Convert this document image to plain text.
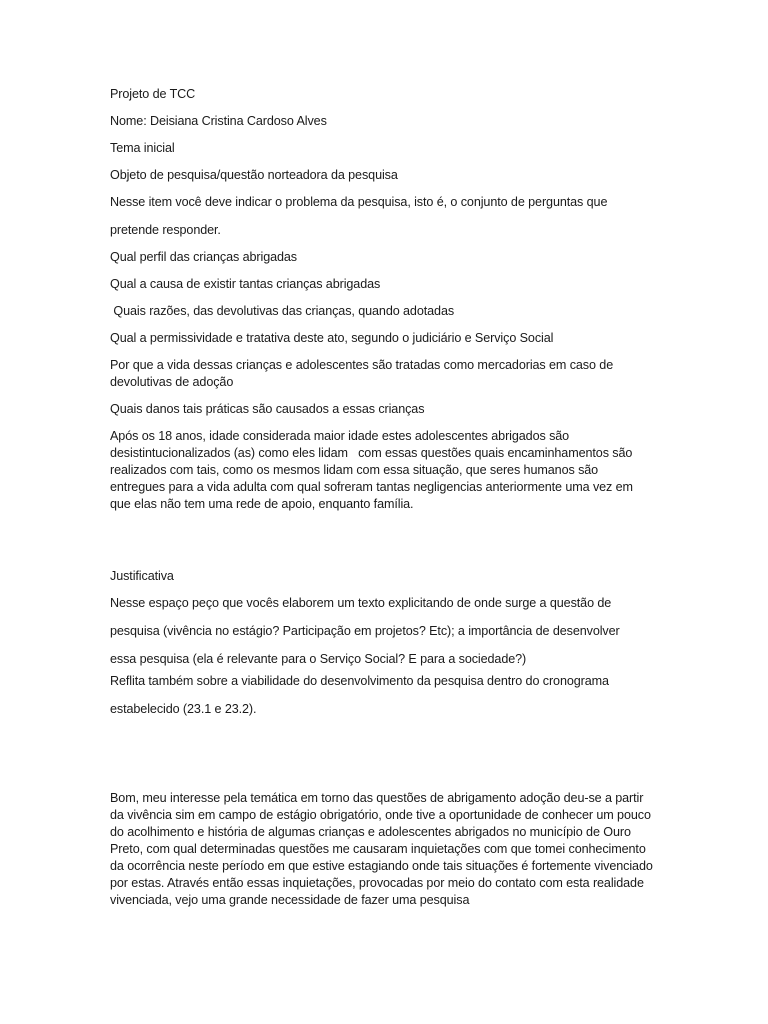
Projeto de TCC

Nome: Deisiana Cristina Cardoso Alves

Tema inicial

Objeto de pesquisa/questão norteadora da pesquisa

Nesse item você deve indicar o problema da pesquisa, isto é, o conjunto de perguntas que

pretende responder.

Qual perfil das crianças abrigadas

Qual a causa de existir tantas crianças abrigadas

Quais razões, das devolutivas das crianças, quando adotadas

Qual a permissividade e tratativa deste ato, segundo o judiciário e Serviço Social

Por que a vida dessas crianças e adolescentes são tratadas como mercadorias em caso de devolutivas de adoção

Quais danos tais práticas são causados a essas crianças

Após os 18 anos, idade considerada maior idade estes adolescentes abrigados são desistintucionalizados (as) como eles lidam   com essas questões quais encaminhamentos são realizados com tais, como os mesmos lidam com essa situação, que seres humanos são entregues para a vida adulta com qual sofreram tantas negligencias anteriormente uma vez em que elas não tem uma rede de apoio, enquanto família.

Justificativa

Nesse espaço peço que vocês elaborem um texto explicitando de onde surge a questão de

pesquisa (vivência no estágio? Participação em projetos? Etc); a importância de desenvolver

essa pesquisa (ela é relevante para o Serviço Social? E para a sociedade?)

Reflita também sobre a viabilidade do desenvolvimento da pesquisa dentro do cronograma

estabelecido (23.1 e 23.2).

Bom, meu interesse pela temática em torno das questões de abrigamento adoção deu-se a partir da vivência sim em campo de estágio obrigatório, onde tive a oportunidade de conhecer um pouco do acolhimento e história de algumas crianças e adolescentes abrigados no município de Ouro Preto, com qual determinadas questões me causaram inquietações com que tomei conhecimento da ocorrência neste período em que estive estagiando onde tais situações é fortemente vivenciado por estas. Através então essas inquietações, provocadas por meio do contato com esta realidade vivenciada, vejo uma grande necessidade de fazer uma pesquisa
